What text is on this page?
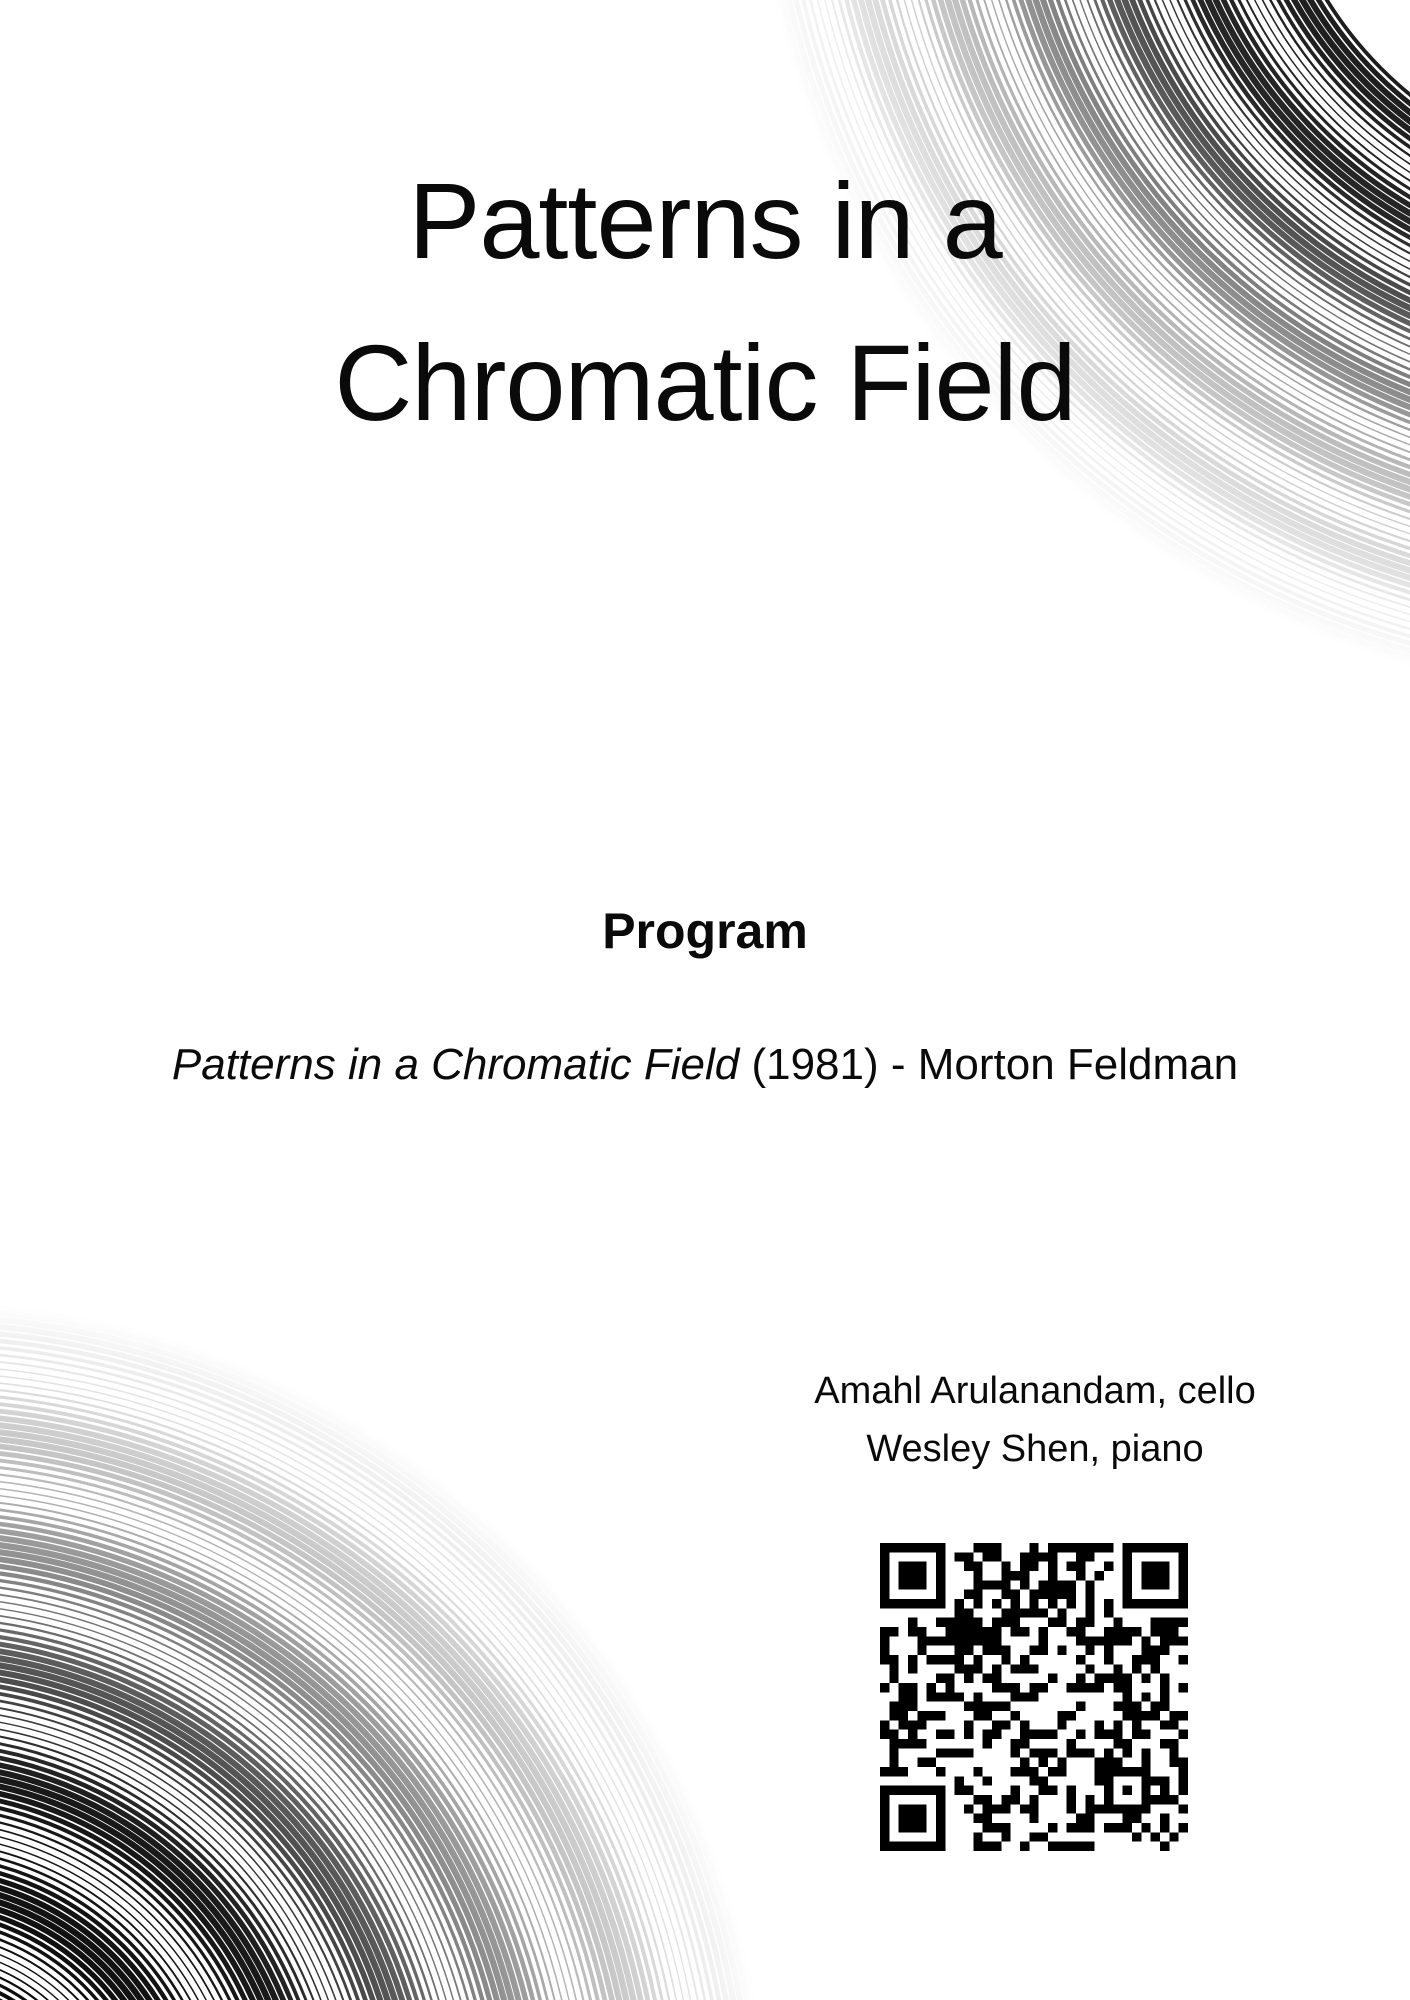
Patterns in a
Chromatic Field
Program

Patterns in a Chromatic Field (1981) - Morton Feldman

Amahl Arulanandam, cello
Wesley Shen, piano
